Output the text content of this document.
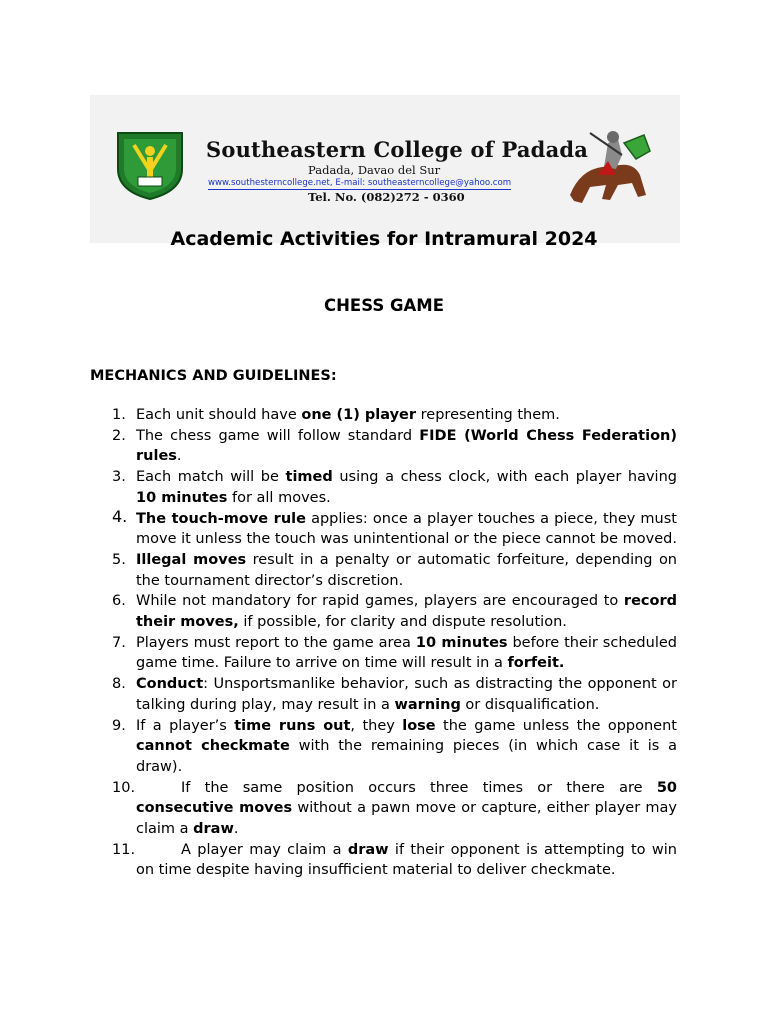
Southeastern College of Padada
Padada, Davao del Sur
www.southesterncollege.net, E-mail: southeasterncollege@yahoo.com
Tel. No. (082)272 - 0360
Academic Activities for Intramural 2024
CHESS GAME
MECHANICS AND GUIDELINES:
1. Each unit should have one (1) player representing them.
2. The chess game will follow standard FIDE (World Chess Federation) rules.
3. Each match will be timed using a chess clock, with each player having 10 minutes for all moves.
4. The touch-move rule applies: once a player touches a piece, they must move it unless the touch was unintentional or the piece cannot be moved.
5. Illegal moves result in a penalty or automatic forfeiture, depending on the tournament director’s discretion.
6. While not mandatory for rapid games, players are encouraged to record their moves, if possible, for clarity and dispute resolution.
7. Players must report to the game area 10 minutes before their scheduled game time. Failure to arrive on time will result in a forfeit.
8. Conduct: Unsportsmanlike behavior, such as distracting the opponent or talking during play, may result in a warning or disqualification.
9. If a player’s time runs out, they lose the game unless the opponent cannot checkmate with the remaining pieces (in which case it is a draw).
10.	If the same position occurs three times or there are 50 consecutive moves without a pawn move or capture, either player may claim a draw.
11.	A player may claim a draw if their opponent is attempting to win on time despite having insufficient material to deliver checkmate.
